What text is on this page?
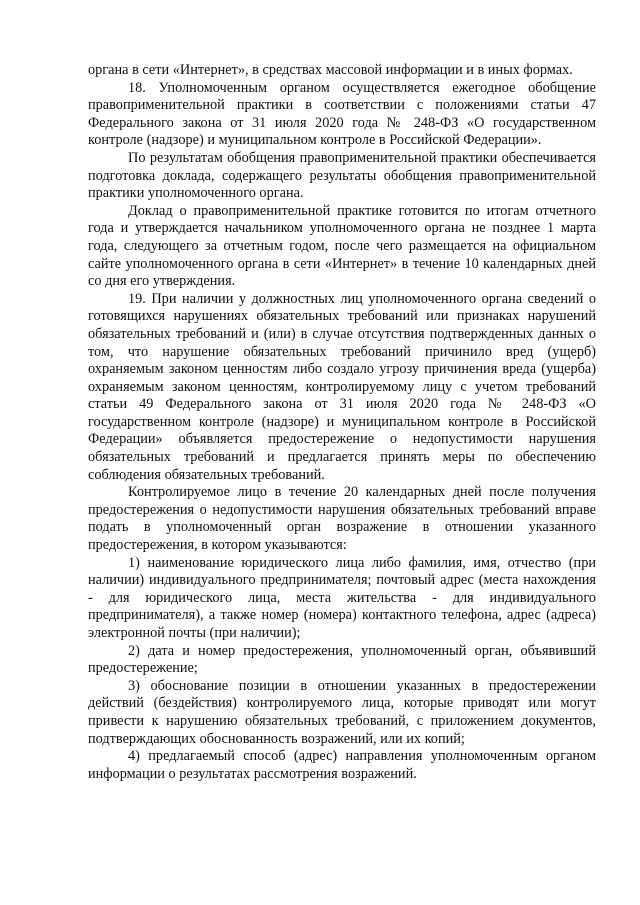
органа в сети «Интернет», в средствах массовой информации и в иных формах.

18. Уполномоченным органом осуществляется ежегодное обобщение правоприменительной практики в соответствии с положениями статьи 47 Федерального закона от 31 июля 2020 года № 248-ФЗ «О государственном контроле (надзоре) и муниципальном контроле в Российской Федерации».

По результатам обобщения правоприменительной практики обеспечивается подготовка доклада, содержащего результаты обобщения правоприменительной практики уполномоченного органа.

Доклад о правоприменительной практике готовится по итогам отчетного года и утверждается начальником уполномоченного органа не позднее 1 марта года, следующего за отчетным годом, после чего размещается на официальном сайте уполномоченного органа в сети «Интернет» в течение 10 календарных дней со дня его утверждения.

19. При наличии у должностных лиц уполномоченного органа сведений о готовящихся нарушениях обязательных требований или признаках нарушений обязательных требований и (или) в случае отсутствия подтвержденных данных о том, что нарушение обязательных требований причинило вред (ущерб) охраняемым законом ценностям либо создало угрозу причинения вреда (ущерба) охраняемым законом ценностям, контролируемому лицу с учетом требований статьи 49 Федерального закона от 31 июля 2020 года № 248-ФЗ «О государственном контроле (надзоре) и муниципальном контроле в Российской Федерации» объявляется предостережение о недопустимости нарушения обязательных требований и предлагается принять меры по обеспечению соблюдения обязательных требований.

Контролируемое лицо в течение 20 календарных дней после получения предостережения о недопустимости нарушения обязательных требований вправе подать в уполномоченный орган возражение в отношении указанного предостережения, в котором указываются:

1) наименование юридического лица либо фамилия, имя, отчество (при наличии) индивидуального предпринимателя; почтовый адрес (места нахождения - для юридического лица, места жительства - для индивидуального предпринимателя), а также номер (номера) контактного телефона, адрес (адреса) электронной почты (при наличии);

2) дата и номер предостережения, уполномоченный орган, объявивший предостережение;

3) обоснование позиции в отношении указанных в предостережении действий (бездействия) контролируемого лица, которые приводят или могут привести к нарушению обязательных требований, с приложением документов, подтверждающих обоснованность возражений, или их копий;

4) предлагаемый способ (адрес) направления уполномоченным органом информации о результатах рассмотрения возражений.
